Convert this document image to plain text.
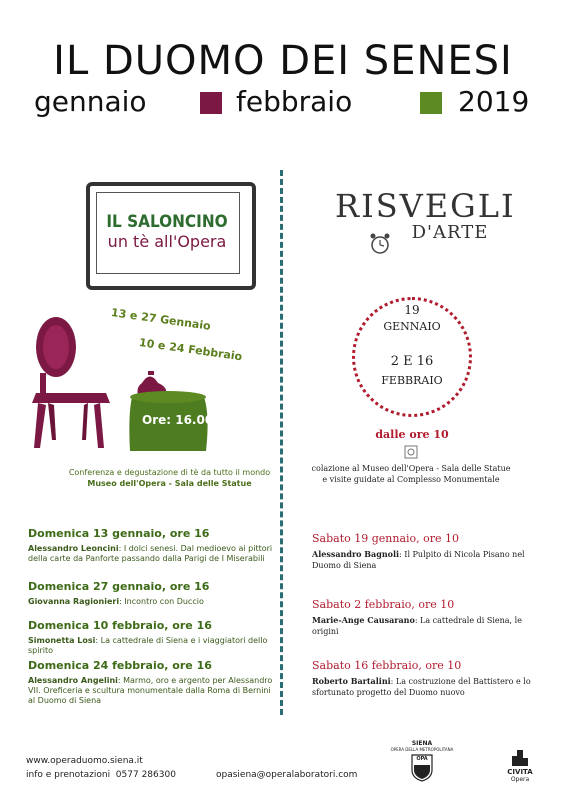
IL DUOMO DEI SENESI
gennaio	febbraio	2019
IL SALONCINO
un tè all'Opera
13 e 27 Gennaio
10 e 24 Febbraio
Ore: 16.00
Conferenza e degustazione di tè da tutto il mondo
Museo dell'Opera - Sala delle Statue
Domenica 13 gennaio, ore 16
Alessandro Leoncini: I dolci senesi. Dal medioevo ai pittori della carte da Panforte passando dalla Parigi de I Miserabili
Domenica 27 gennaio, ore 16
Giovanna Ragionieri: Incontro con Duccio
Domenica 10 febbraio, ore 16
Simonetta Losi: La cattedrale di Siena e i viaggiatori dello spirito
Domenica 24 febbraio, ore 16
Alessandro Angelini: Marmo, oro e argento per Alessandro VII. Oreficeria e scultura monumentale dalla Roma di Bernini al Duomo di Siena
RISVEGLI
D'ARTE
19
GENNAIO
2 E 16
FEBBRAIO
dalle ore 10
colazione al Museo dell'Opera - Sala delle Statue
e visite guidate al Complesso Monumentale
Sabato 19 gennaio, ore 10
Alessandro Bagnoli: Il Pulpito di Nicola Pisano nel Duomo di Siena
Sabato 2 febbraio, ore 10
Marie-Ange Causarano: La cattedrale di Siena, le origini
Sabato 16 febbraio, ore 10
Roberto Bartalini: La costruzione del Battistero e lo sfortunato progetto del Duomo nuovo
www.operaduomo.siena.it
info e prenotazioni  0577 286300	opasiena@operalaboratori.com
SIENA
OPERA DELLA METROPOLITANA
OPA
CIVITA
Opera
